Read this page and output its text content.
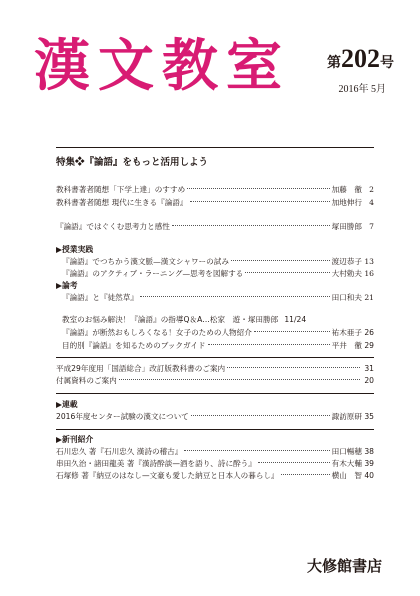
漢文教室	第202号
2016年 5月
特集❖『論語』をもっと活用しよう
教科書著者随想「下学上達」のすすめ	加藤　徹 2
教科書著者随想 現代に生きる『論語』	加地伸行 4
『論語』ではぐくむ思考力と感性	塚田勝郎 7
▶授業実践
『論語』でつちかう漢文脈—漢文シャワーの試み	渡辺恭子 13
『論語』のアクティブ・ラーニング—思考を図解する	大村勅夫 16
▶論考
『論語』と『徒然草』	田口和夫 21
教室のお悩み解決！『論語』の指導Q＆A…松家　遊・塚田勝郎 11/24
『論語』が断然おもしろくなる！女子のための人物紹介	祐木亜子 26
目的別『論語』を知るためのブックガイド	平井　徹 29
平成29年度用「国語総合」改訂版教科書のご案内	31
付属資料のご案内	20
▶連載
2016年度センター試験の漢文について	諏訪原研 35
▶新刊紹介
石川忠久 著『石川忠久 漢詩の稽古』	田口暢穂 38
串田久治・諸田龍美 著『漢詩酔談—酒を語り、詩に酔う』	有木大輔 39
石塚修 著『納豆のはなし—文豪も愛した納豆と日本人の暮らし』	横山　智 40
大修館書店
